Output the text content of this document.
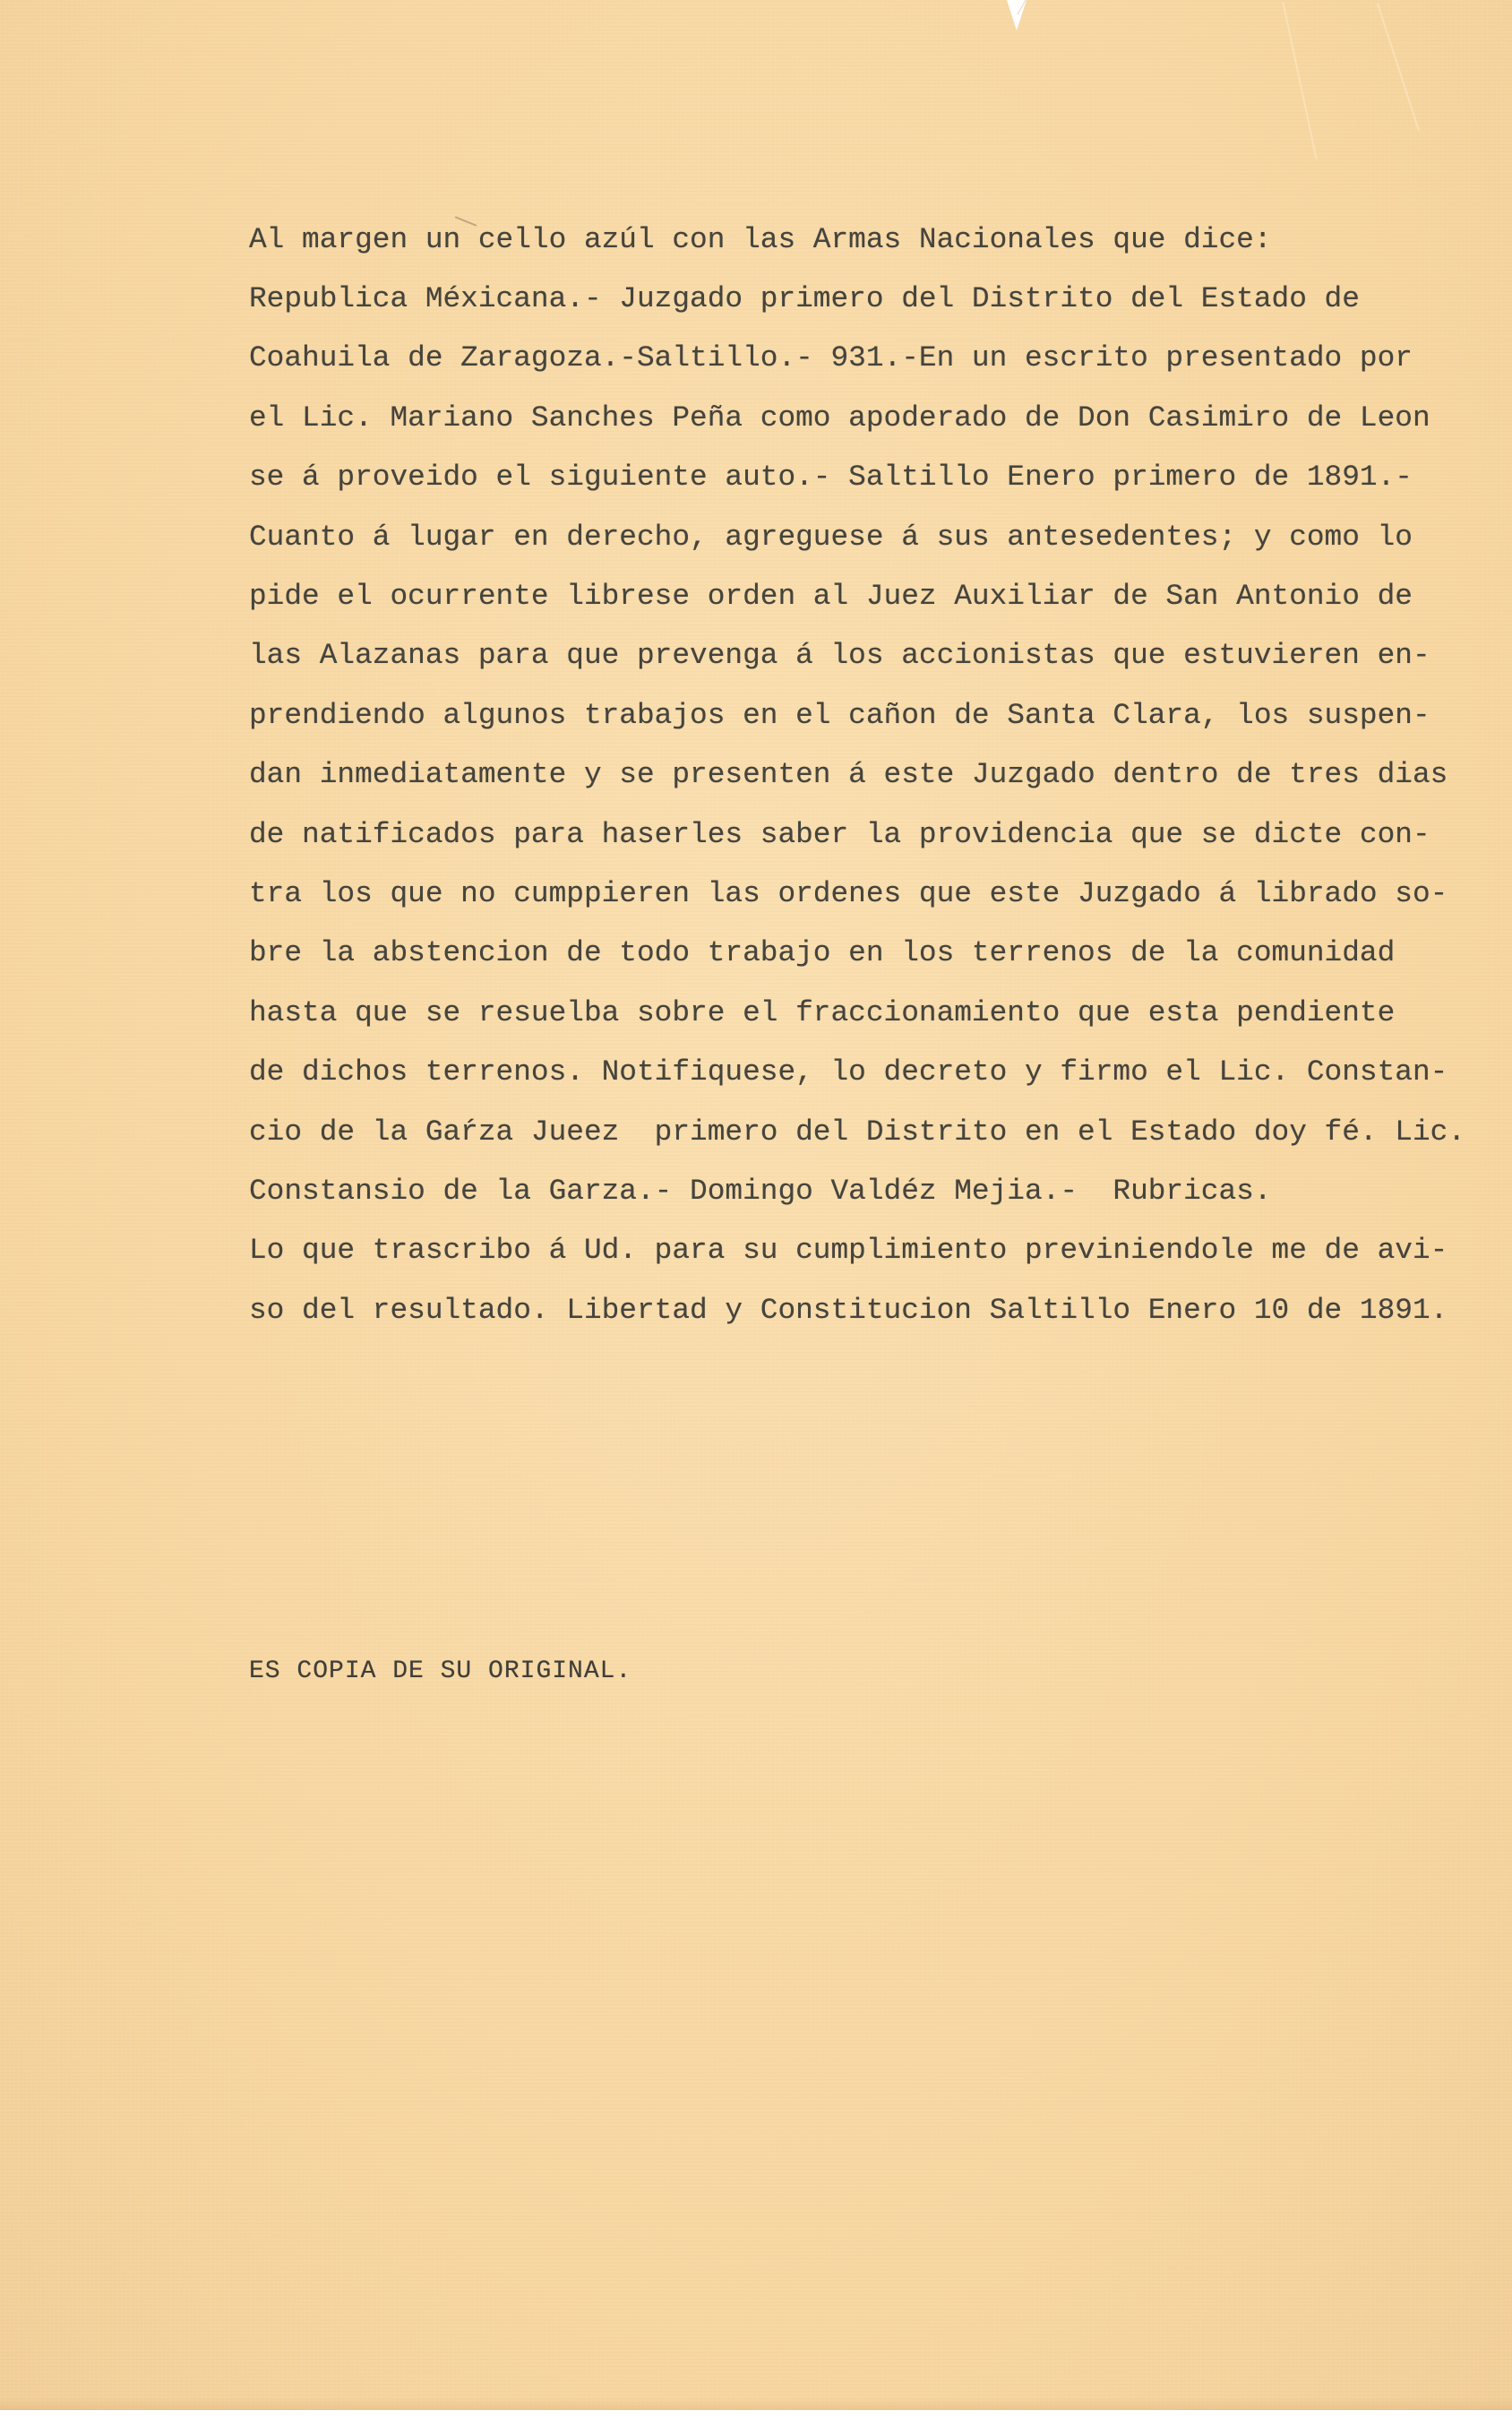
Al margen un cello azúl con las Armas Nacionales que dice:

Republica Méxicana.- Juzgado primero del Distrito del Estado de

Coahuila de Zaragoza.-Saltillo.- 931.-En un escrito presentado por

el Lic. Mariano Sanches Peña como apoderado de Don Casimiro de Leon

se á proveido el siguiente auto.- Saltillo Enero primero de 1891.-

Cuanto á lugar en derecho, agreguese á sus antesedentes; y como lo

pide el ocurrente librese orden al Juez Auxiliar de San Antonio de

las Alazanas para que prevenga á los accionistas que estuvieren en-

prendiendo algunos trabajos en el cañon de Santa Clara, los suspen-

dan inmediatamente y se presenten á este Juzgado dentro de tres dias

de natificados para haserles saber la providencia que se dicte con-

tra los que no cumppieren las ordenes que este Juzgado á librado so-

bre la abstencion de todo trabajo en los terrenos de la comunidad

hasta que se resuelba sobre el fraccionamiento que esta pendiente

de dichos terrenos. Notifiquese, lo decreto y firmo el Lic. Constan-

cio de la Gaŕza Jueez  primero del Distrito en el Estado doy fé. Lic.

Constansio de la Garza.- Domingo Valdéz Mejia.-  Rubricas.

Lo que trascribo á Ud. para su cumplimiento previniendole me de avi-

so del resultado. Libertad y Constitucion Saltillo Enero 10 de 1891.

ES COPIA DE SU ORIGINAL.
